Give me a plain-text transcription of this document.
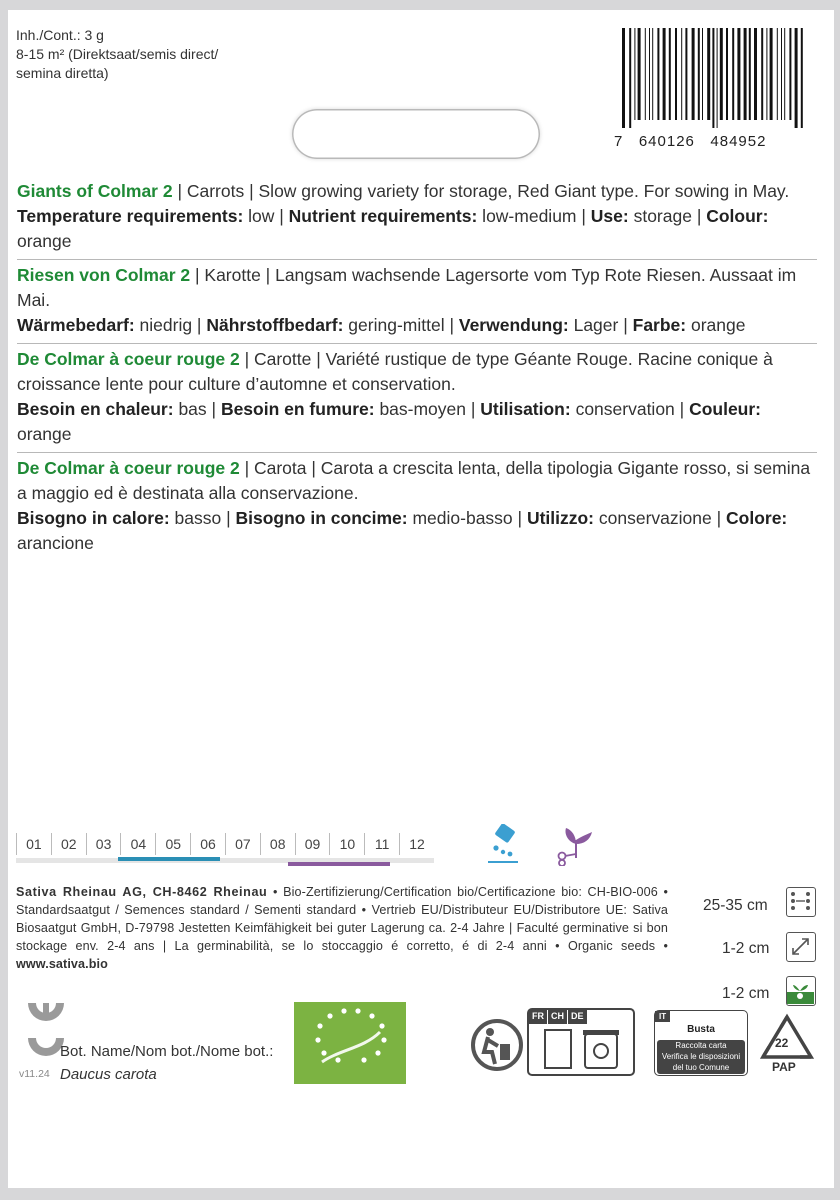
Inh./Cont.: 3 g
8-15 m² (Direktsaat/semis direct/
semina diretta)
7   640126   484952
Giants of Colmar 2 | Carrots | Slow growing variety for storage, Red Giant type. For sowing in May.
Temperature requirements: low | Nutrient requirements: low-medium | Use: storage | Colour: orange
Riesen von Colmar 2 | Karotte | Langsam wachsende Lagersorte vom Typ Rote Riesen. Aussaat im Mai.
Wärmebedarf: niedrig | Nährstoffbedarf: gering-mittel | Verwendung: Lager | Farbe: orange
De Colmar à coeur rouge 2 | Carotte | Variété rustique de type Géante Rouge. Racine conique à croissance lente pour culture d’automne et conservation.
Besoin en chaleur: bas | Besoin en fumure: bas-moyen | Utilisation: conservation | Couleur: orange
De Colmar à coeur rouge 2 | Carota | Carota a crescita lenta, della tipologia Gigante rosso, si semina a maggio ed è destinata alla conservazione.
Bisogno in calore: basso | Bisogno in concime: medio-basso | Utilizzo: conservazione | Colore: arancione
01	02	03	04	05	06	07	08	09	10	11	12
Sativa Rheinau AG, CH-8462 Rheinau • Bio-Zertifizierung/Certification bio/Certificazione bio: CH-BIO-006 • Standardsaatgut / Semences standard / Sementi standard • Vertrieb EU/Distributeur EU/Distributore UE: Sativa Biosaatgut GmbH, D-79798 Jestetten Keimfähigkeit bei guter Lagerung ca. 2-4 Jahre | Faculté germinative si bon stockage env. 2-4 ans | La germinabilità, se lo stoccaggio é corretto, é di 2-4 anni • Organic seeds • www.sativa.bio
25-35 cm
1-2 cm
1-2 cm
Bot. Name/Nom bot./Nome bot.:
Daucus carota
v11.24
FR CH DE	IT
Busta
Raccolta carta
Verifica le disposizioni
del tuo Comune
22
PAP
